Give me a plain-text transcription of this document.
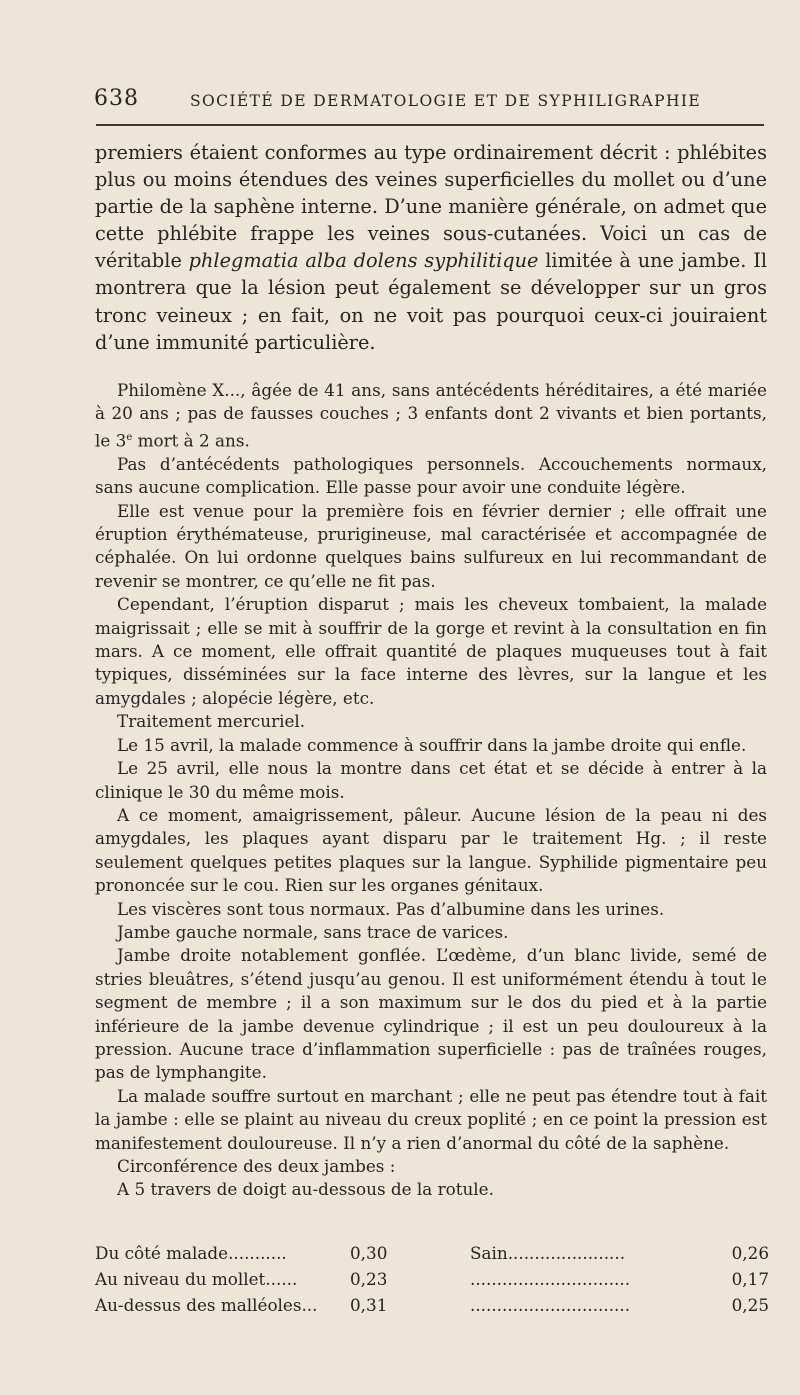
638	SOCIÉTÉ DE DERMATOLOGIE ET DE SYPHILIGRAPHIE

premiers étaient conformes au type ordinairement décrit : phlébites plus ou moins étendues des veines superficielles du mollet ou d’une partie de la saphène interne. D’une manière générale, on admet que cette phlébite frappe les veines sous-cutanées. Voici un cas de véritable phlegmatia alba dolens syphilitique limitée à une jambe. Il montrera que la lésion peut également se développer sur un gros tronc veineux ; en fait, on ne voit pas pourquoi ceux-ci jouiraient d’une immunité particulière.

Philomène X..., âgée de 41 ans, sans antécédents héréditaires, a été mariée à 20 ans ; pas de fausses couches ; 3 enfants dont 2 vivants et bien portants, le 3e mort à 2 ans.

Pas d’antécédents pathologiques personnels. Accouchements normaux, sans aucune complication. Elle passe pour avoir une conduite légère.

Elle est venue pour la première fois en février dernier ; elle offrait une éruption érythémateuse, prurigineuse, mal caractérisée et accompagnée de céphalée. On lui ordonne quelques bains sulfureux en lui recommandant de revenir se montrer, ce qu’elle ne fit pas.

Cependant, l’éruption disparut ; mais les cheveux tombaient, la malade maigrissait ; elle se mit à souffrir de la gorge et revint à la consultation en fin mars. A ce moment, elle offrait quantité de plaques muqueuses tout à fait typiques, disséminées sur la face interne des lèvres, sur la langue et les amygdales ; alopécie légère, etc.

Traitement mercuriel.

Le 15 avril, la malade commence à souffrir dans la jambe droite qui enfle.

Le 25 avril, elle nous la montre dans cet état et se décide à entrer à la clinique le 30 du même mois.

A ce moment, amaigrissement, pâleur. Aucune lésion de la peau ni des amygdales, les plaques ayant disparu par le traitement Hg. ; il reste seulement quelques petites plaques sur la langue. Syphilide pigmentaire peu prononcée sur le cou. Rien sur les organes génitaux.

Les viscères sont tous normaux. Pas d’albumine dans les urines.

Jambe gauche normale, sans trace de varices.

Jambe droite notablement gonflée. L’œdème, d’un blanc livide, semé de stries bleuâtres, s’étend jusqu’au genou. Il est uniformément étendu à tout le segment de membre ; il a son maximum sur le dos du pied et à la partie inférieure de la jambe devenue cylindrique ; il est un peu douloureux à la pression. Aucune trace d’inflammation superficielle : pas de traînées rouges, pas de lymphangite.

La malade souffre surtout en marchant ; elle ne peut pas étendre tout à fait la jambe : elle se plaint au niveau du creux poplité ; en ce point la pression est manifestement douloureuse. Il n’y a rien d’anormal du côté de la saphène.

Circonférence des deux jambes :

A 5 travers de doigt au-dessous de la rotule.

Du côté malade...........	0,30	Sain......................	0,26
Au niveau du mollet......	0,23	..............................	0,17
Au-dessus des malléoles...	0,31	..............................	0,25
